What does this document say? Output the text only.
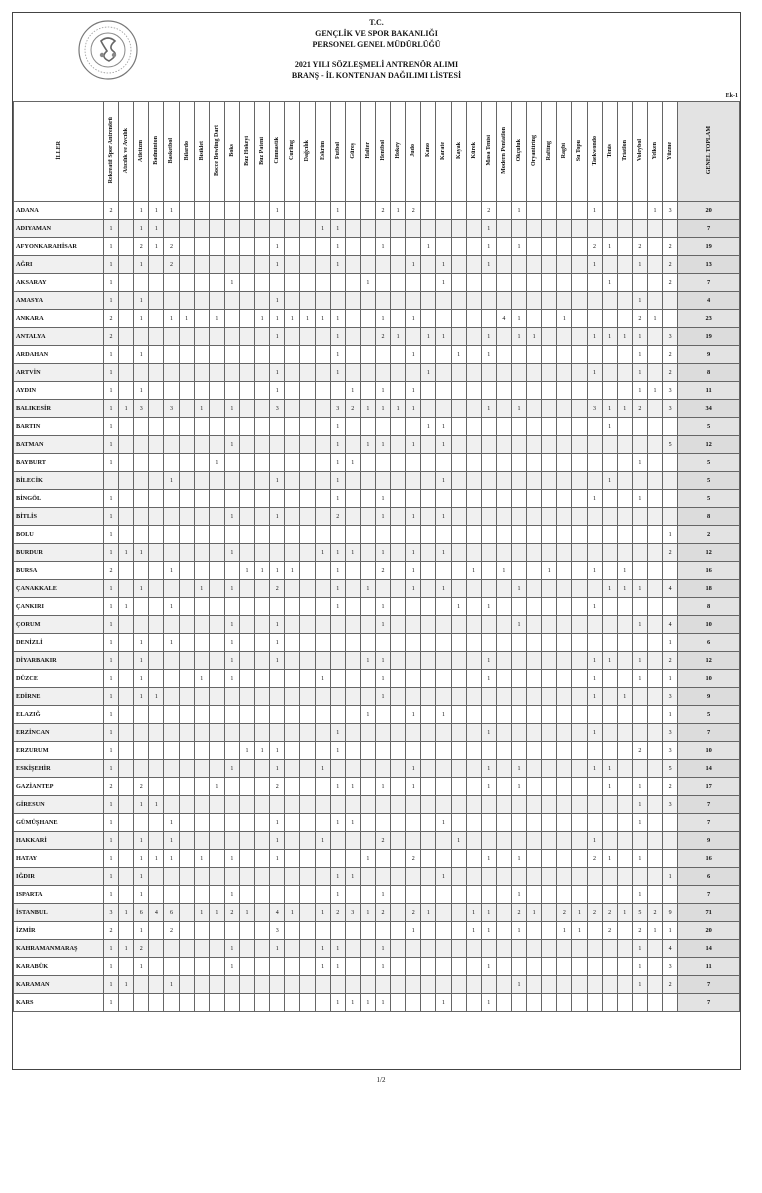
T.C.
GENÇLİK VE SPOR BAKANLIĞI
PERSONEL GENEL MÜDÜRLÜĞÜ
2021 YILI SÖZLEŞMELİ ANTRENÖR ALIMI
BRANŞ - İL KONTENJAN DAĞILIMI LİSTESİ
Ek-1
İLLER	Rekreatif Spor Antrenörü	Atıcılık ve Avcılık	Atletizm	Badminton	Basketbol	Bilardo	Bisiklet	Bocce Bowling Dart	Boks	Buz Hokeyi	Buz Pateni	Cimnastik	Curling	Dağcılık	Eskrim	Futbol	Güreş	Halter	Hentbol	Hokey	Judo	Kano	Karate	Kayak	Kürek	Masa Tenisi	Modern Pentatlon	Okçuluk	Oryantiring	Rafting	Ragbi	Su Topu	Taekwondo	Tenis	Triatlon	Voleybol	Yelken	Yüzme	GENEL TOPLAM
ADANA	2		1	1	1							1				1			2	1	2					2		1					1				1	3	20
ADIYAMAN	1		1	1											1	1										1													7
AFYONKARAHİSAR	1		2	1	2							1				1			1			1				1		1					2	1		2		2	19
AĞRI	1		1		2							1				1					1		1			1							1			1		2	13
AKSARAY	1								1									1					1											1				2	7
AMASYA	1		1									1																								1			4
ANKARA	2		1		1	1		1			1	1	1	1	1	1			1		1						4	1			1					2	1		23
ANTALYA	2											1				1			2	1		1	1			1		1	1				1	1	1	1		3	19
ARDAHAN	1		1													1					1			1		1										1		2	9
ARTVİN	1											1				1						1											1			1		2	8
AYDIN	1		1									1					1		1		1															1	1	3	11
BALIKESİR	1	1	3		3		1		1			3				3	2	1	1	1	1					1		1					3	1	1	2		3	34
BARTIN	1															1						1	1											1					5
BATMAN	1								1							1		1	1		1		1															5	12
BAYBURT	1							1								1	1																			1			5
BİLECİK					1							1				1							1											1					5
BİNGÖL	1															1			1														1			1			5
BİTLİS	1								1			1				2			1		1		1																8
BOLU	1																																					1	2
BURDUR	1	1	1						1						1	1	1		1		1		1															2	12
BURSA	2				1					1	1	1	1			1			2		1				1		1			1			1		1				16
ÇANAKKALE	1		1				1		1			2				1		1			1		1					1						1	1	1		4	18
ÇANKIRI	1	1			1											1			1					1		1							1						8
ÇORUM	1								1			1							1									1								1		4	10
DENİZLİ	1		1		1				1			1																										1	6
DİYARBAKIR	1		1						1			1						1	1							1							1	1		1		2	12
DÜZCE	1		1				1		1						1				1							1							1			1		1	10
EDİRNE	1		1	1															1														1		1			3	9
ELAZIĞ	1																	1			1		1															1	5
ERZİNCAN	1															1										1							1					3	7
ERZURUM	1									1	1	1				1																				2		3	10
ESKİŞEHİR	1								1			1			1						1					1		1					1	1				5	14
GAZİANTEP	2		2					1				2				1	1		1		1					1		1						1		1		2	17
GİRESUN	1		1	1																																1		3	7
GÜMÜŞHANE	1				1							1				1	1						1													1			7
HAKKARİ	1		1		1							1			1				2					1									1						9
HATAY	1		1	1	1		1		1			1						1			2					1		1					2	1		1			16
IĞDIR	1		1													1	1						1															1	6
ISPARTA	1		1						1							1			1									1								1			7
İSTANBUL	3	1	6	4	6		1	1	2	1		4	1		1	2	3	1	2		2	1			1	1		2	1		2	1	2	2	1	5	2	9	71
İZMİR	2		1		2							3									1				1	1		1			1	1		2		2	1	1	20
KAHRAMANMARAŞ	1	1	2						1			1			1	1			1																	1		4	14
KARABÜK	1		1						1						1	1			1							1										1		3	11
KARAMAN	1	1			1																							1								1		2	7
KARS	1															1	1	1	1				1			1													7
1/2
